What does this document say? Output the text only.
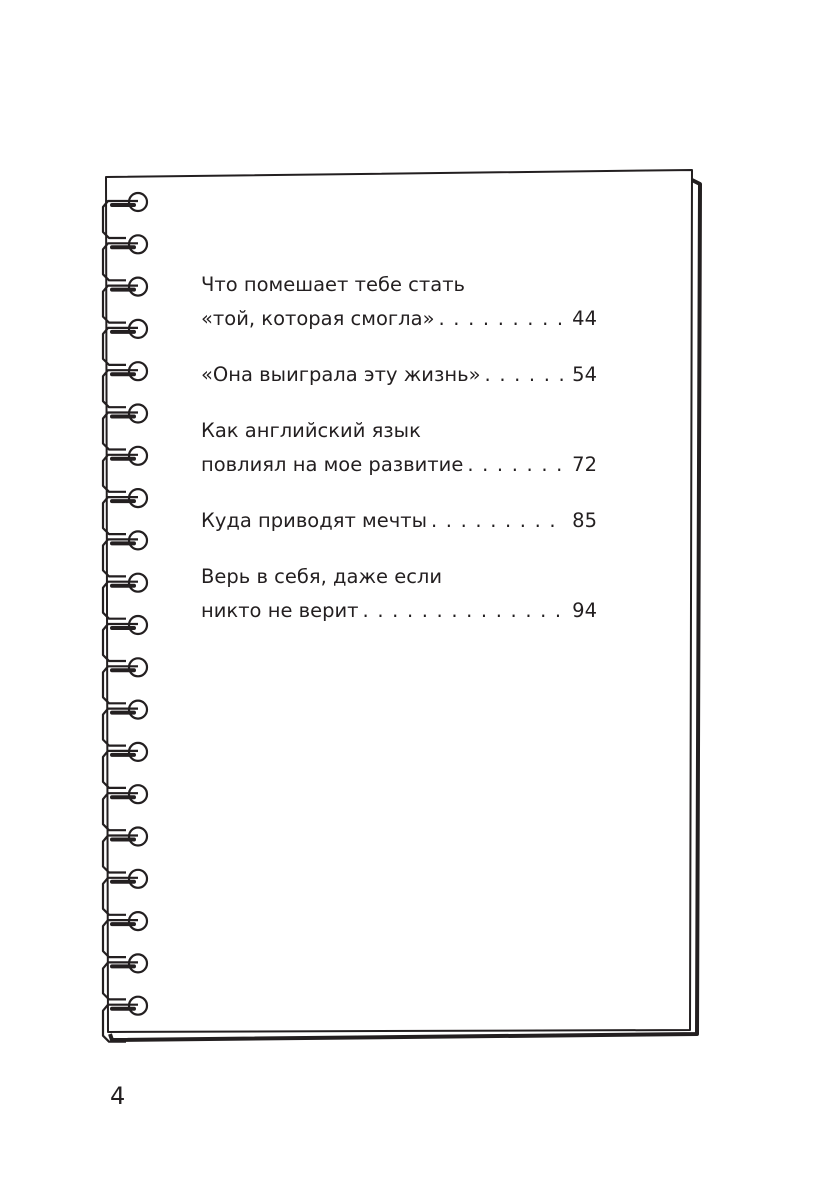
Что помешает тебе стать
«той, которая смогла» . . .	44
«Она выиграла эту жизнь» . . .	54
Как английский язык
повлиял на мое развитие . . .	72
Куда приводят мечты . . .	85
Верь в себя, даже если
никто не верит . . .	94
4
